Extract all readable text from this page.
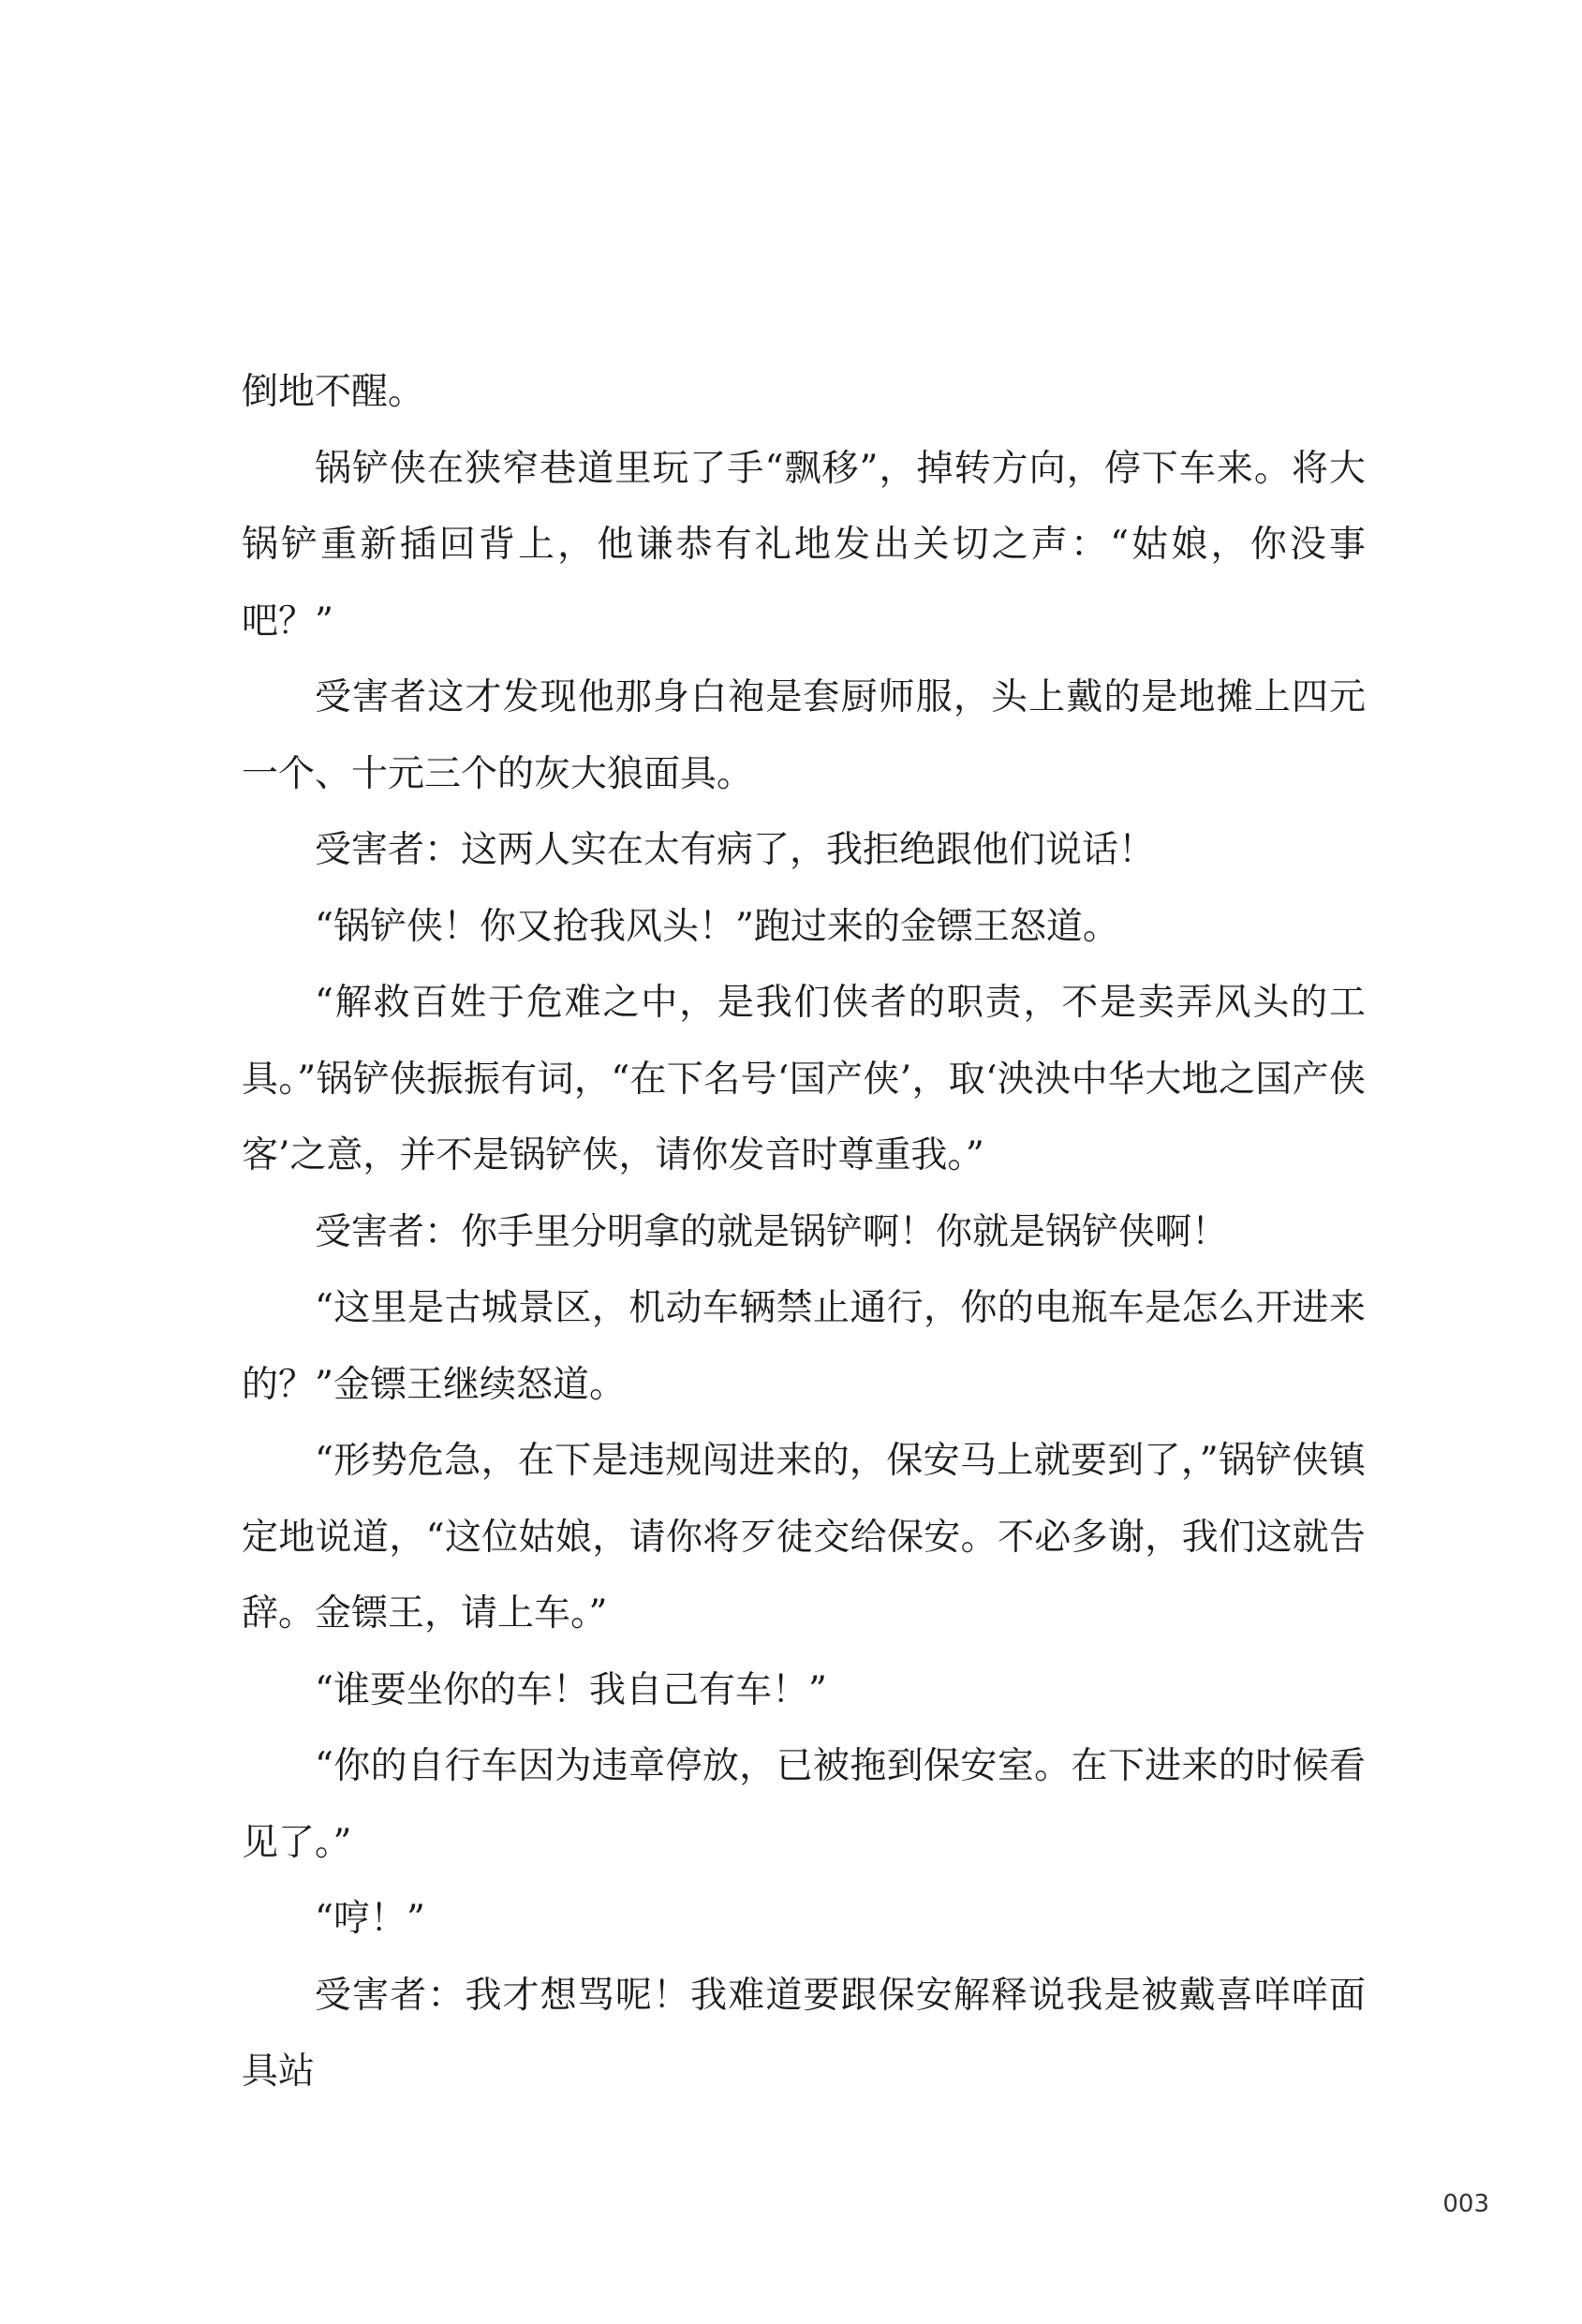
倒地不醒。

锅铲侠在狭窄巷道里玩了手“飘移”，掉转方向，停下车来。将大锅铲重新插回背上，他谦恭有礼地发出关切之声：“姑娘，你没事吧？”

受害者这才发现他那身白袍是套厨师服，头上戴的是地摊上四元一个、十元三个的灰大狼面具。

受害者：这两人实在太有病了，我拒绝跟他们说话！

“锅铲侠！你又抢我风头！”跑过来的金镖王怒道。

“解救百姓于危难之中，是我们侠者的职责，不是卖弄风头的工具。”锅铲侠振振有词，“在下名号‘国产侠’，取‘泱泱中华大地之国产侠客’之意，并不是锅铲侠，请你发音时尊重我。”

受害者：你手里分明拿的就是锅铲啊！你就是锅铲侠啊！

“这里是古城景区，机动车辆禁止通行，你的电瓶车是怎么开进来的？”金镖王继续怒道。

“形势危急，在下是违规闯进来的，保安马上就要到了，”锅铲侠镇定地说道，“这位姑娘，请你将歹徒交给保安。不必多谢，我们这就告辞。金镖王，请上车。”

“谁要坐你的车！我自己有车！”

“你的自行车因为违章停放，已被拖到保安室。在下进来的时候看见了。”

“哼！”

受害者：我才想骂呢！我难道要跟保安解释说我是被戴喜咩咩面具站

003
